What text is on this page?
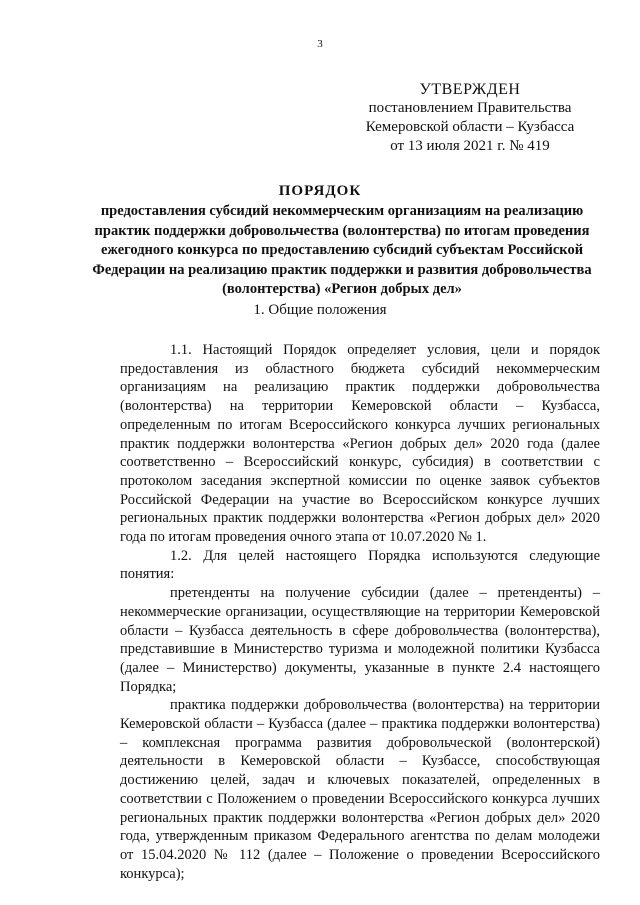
3
УТВЕРЖДЕН
постановлением Правительства
Кемеровской области – Кузбасса
от 13 июля 2021 г. № 419
ПОРЯДОК
предоставления субсидий некоммерческим организациям на реализацию практик поддержки добровольчества (волонтерства) по итогам проведения ежегодного конкурса по предоставлению субсидий субъектам Российской Федерации на реализацию практик поддержки и развития добровольчества (волонтерства) «Регион добрых дел»
1. Общие положения

1.1. Настоящий Порядок определяет условия, цели и порядок предоставления из областного бюджета субсидий некоммерческим организациям на реализацию практик поддержки добровольчества (волонтерства) на территории Кемеровской области – Кузбасса, определенным по итогам Всероссийского конкурса лучших региональных практик поддержки волонтерства «Регион добрых дел» 2020 года (далее соответственно – Всероссийский конкурс, субсидия) в соответствии с протоколом заседания экспертной комиссии по оценке заявок субъектов Российской Федерации на участие во Всероссийском конкурсе лучших региональных практик поддержки волонтерства «Регион добрых дел» 2020 года по итогам проведения очного этапа от 10.07.2020 № 1.

1.2. Для целей настоящего Порядка используются следующие понятия:

претенденты на получение субсидии (далее – претенденты) – некоммерческие организации, осуществляющие на территории Кемеровской области – Кузбасса деятельность в сфере добровольчества (волонтерства), представившие в Министерство туризма и молодежной политики Кузбасса (далее – Министерство) документы, указанные в пункте 2.4 настоящего Порядка;

практика поддержки добровольчества (волонтерства) на территории Кемеровской области – Кузбасса (далее – практика поддержки волонтерства) – комплексная программа развития добровольческой (волонтерской) деятельности в Кемеровской области – Кузбассе, способствующая достижению целей, задач и ключевых показателей, определенных в соответствии с Положением о проведении Всероссийского конкурса лучших региональных практик поддержки волонтерства «Регион добрых дел» 2020 года, утвержденным приказом Федерального агентства по делам молодежи от 15.04.2020 № 112 (далее – Положение о проведении Всероссийского конкурса);
